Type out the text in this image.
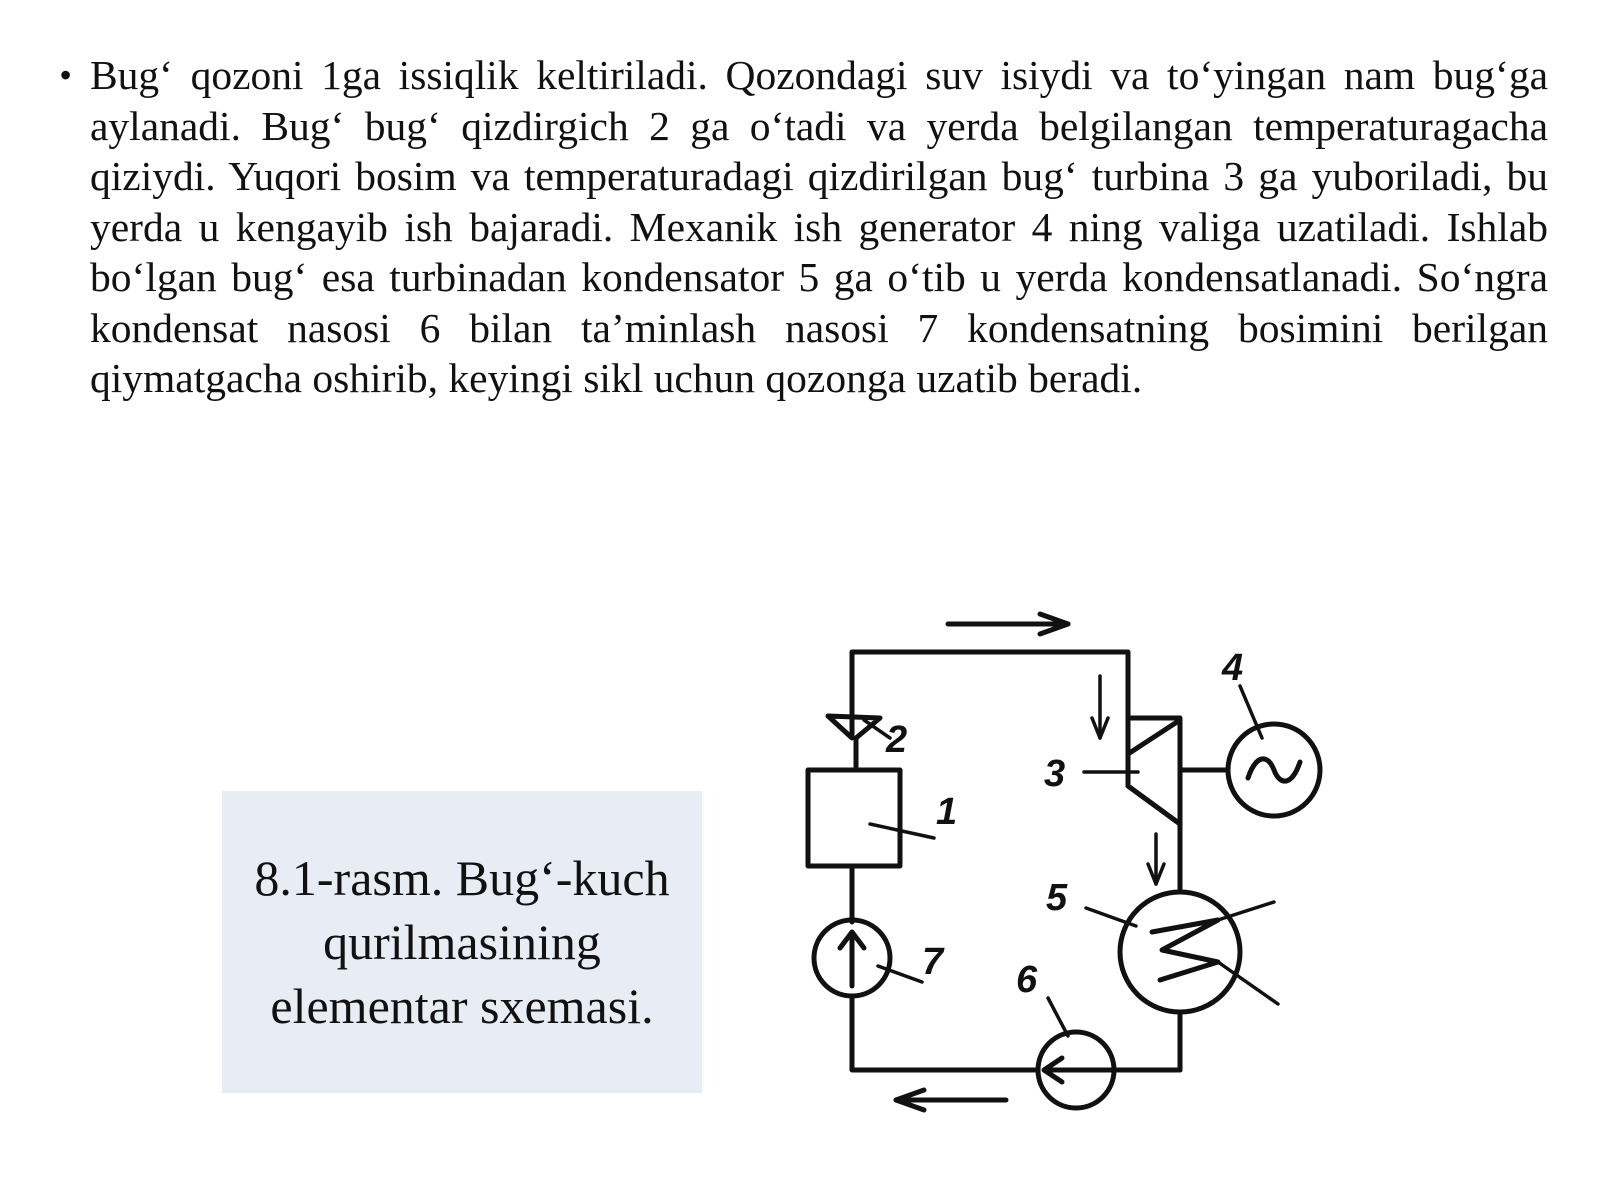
• Bug‘ qozoni 1ga issiqlik keltiriladi. Qozondagi suv isiydi va to‘yingan nam bug‘ga aylanadi. Bug‘ bug‘ qizdirgich 2 ga o‘tadi va yerda belgilangan temperaturagacha qiziydi. Yuqori bosim va temperaturadagi qizdirilgan bug‘ turbina 3 ga yuboriladi, bu yerda u kengayib ish bajaradi. Mexanik ish generator 4 ning valiga uzatiladi. Ishlab bo‘lgan bug‘ esa turbinadan kondensator 5 ga o‘tib u yerda kondensatlanadi. So‘ngra kondensat nasosi 6 bilan ta’minlash nasosi 7 kondensatning bosimini berilgan qiymatgacha oshirib, keyingi sikl uchun qozonga uzatib beradi.

8.1-rasm. Bug‘-kuch qurilmasining elementar sxemasi.

2
1
3
4
5
6
7
